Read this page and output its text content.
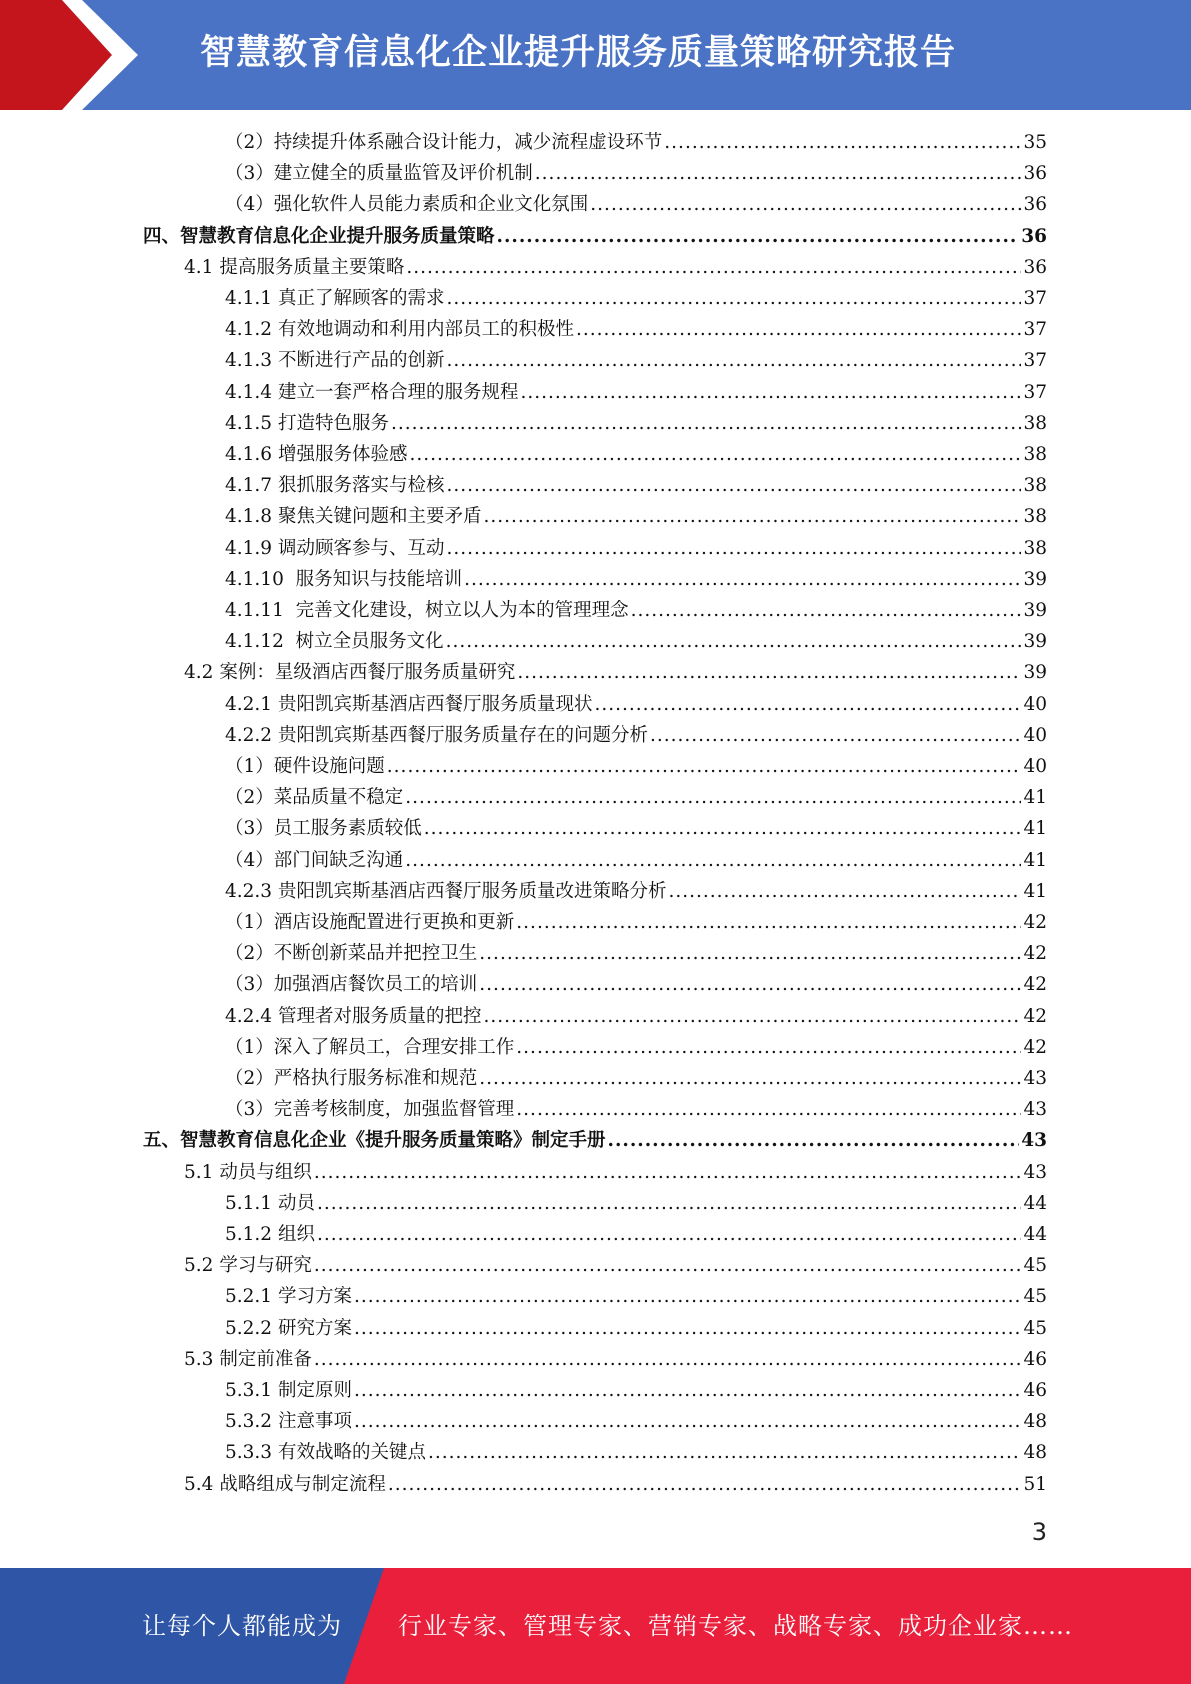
智慧教育信息化企业提升服务质量策略研究报告
（2） 持续提升体系融合设计能力，减少流程虚设环节 .....	35
（3） 建立健全的质量监管及评价机制 .....	36
（4） 强化软件人员能力素质和企业文化氛围 .....	36
四、智慧教育信息化企业提升服务质量策略 .....	36
4.1 提高服务质量主要策略 .....	36
4.1.1 真正了解顾客的需求 .....	37
4.1.2 有效地调动和利用内部员工的积极性 .....	37
4.1.3 不断进行产品的创新 .....	37
4.1.4 建立一套严格合理的服务规程 .....	37
4.1.5 打造特色服务 .....	38
4.1.6 增强服务体验感 .....	38
4.1.7 狠抓服务落实与检核 .....	38
4.1.8 聚焦关键问题和主要矛盾 .....	38
4.1.9 调动顾客参与、互动 .....	38
4.1.10 服务知识与技能培训 .....	39
4.1.11 完善文化建设，树立以人为本的管理理念 .....	39
4.1.12 树立全员服务文化 .....	39
4.2 案例：星级酒店西餐厅服务质量研究 .....	39
4.2.1 贵阳凯宾斯基酒店西餐厅服务质量现状 .....	40
4.2.2 贵阳凯宾斯基西餐厅服务质量存在的问题分析 .....	40
（1） 硬件设施问题 .....	40
（2） 菜品质量不稳定 .....	41
（3） 员工服务素质较低 .....	41
（4） 部门间缺乏沟通 .....	41
4.2.3 贵阳凯宾斯基酒店西餐厅服务质量改进策略分析 .....	41
（1） 酒店设施配置进行更换和更新 .....	42
（2） 不断创新菜品并把控卫生 .....	42
（3） 加强酒店餐饮员工的培训 .....	42
4.2.4 管理者对服务质量的把控 .....	42
（1） 深入了解员工，合理安排工作 .....	42
（2） 严格执行服务标准和规范 .....	43
（3） 完善考核制度，加强监督管理 .....	43
五、智慧教育信息化企业《提升服务质量策略》制定手册 .....	43
5.1 动员与组织 .....	43
5.1.1 动员 .....	44
5.1.2 组织 .....	44
5.2 学习与研究 .....	45
5.2.1 学习方案 .....	45
5.2.2 研究方案 .....	45
5.3 制定前准备 .....	46
5.3.1 制定原则 .....	46
5.3.2 注意事项 .....	48
5.3.3 有效战略的关键点 .....	48
5.4 战略组成与制定流程 .....	51
3
让每个人都能成为 行业专家、管理专家、营销专家、战略专家、成功企业家……
